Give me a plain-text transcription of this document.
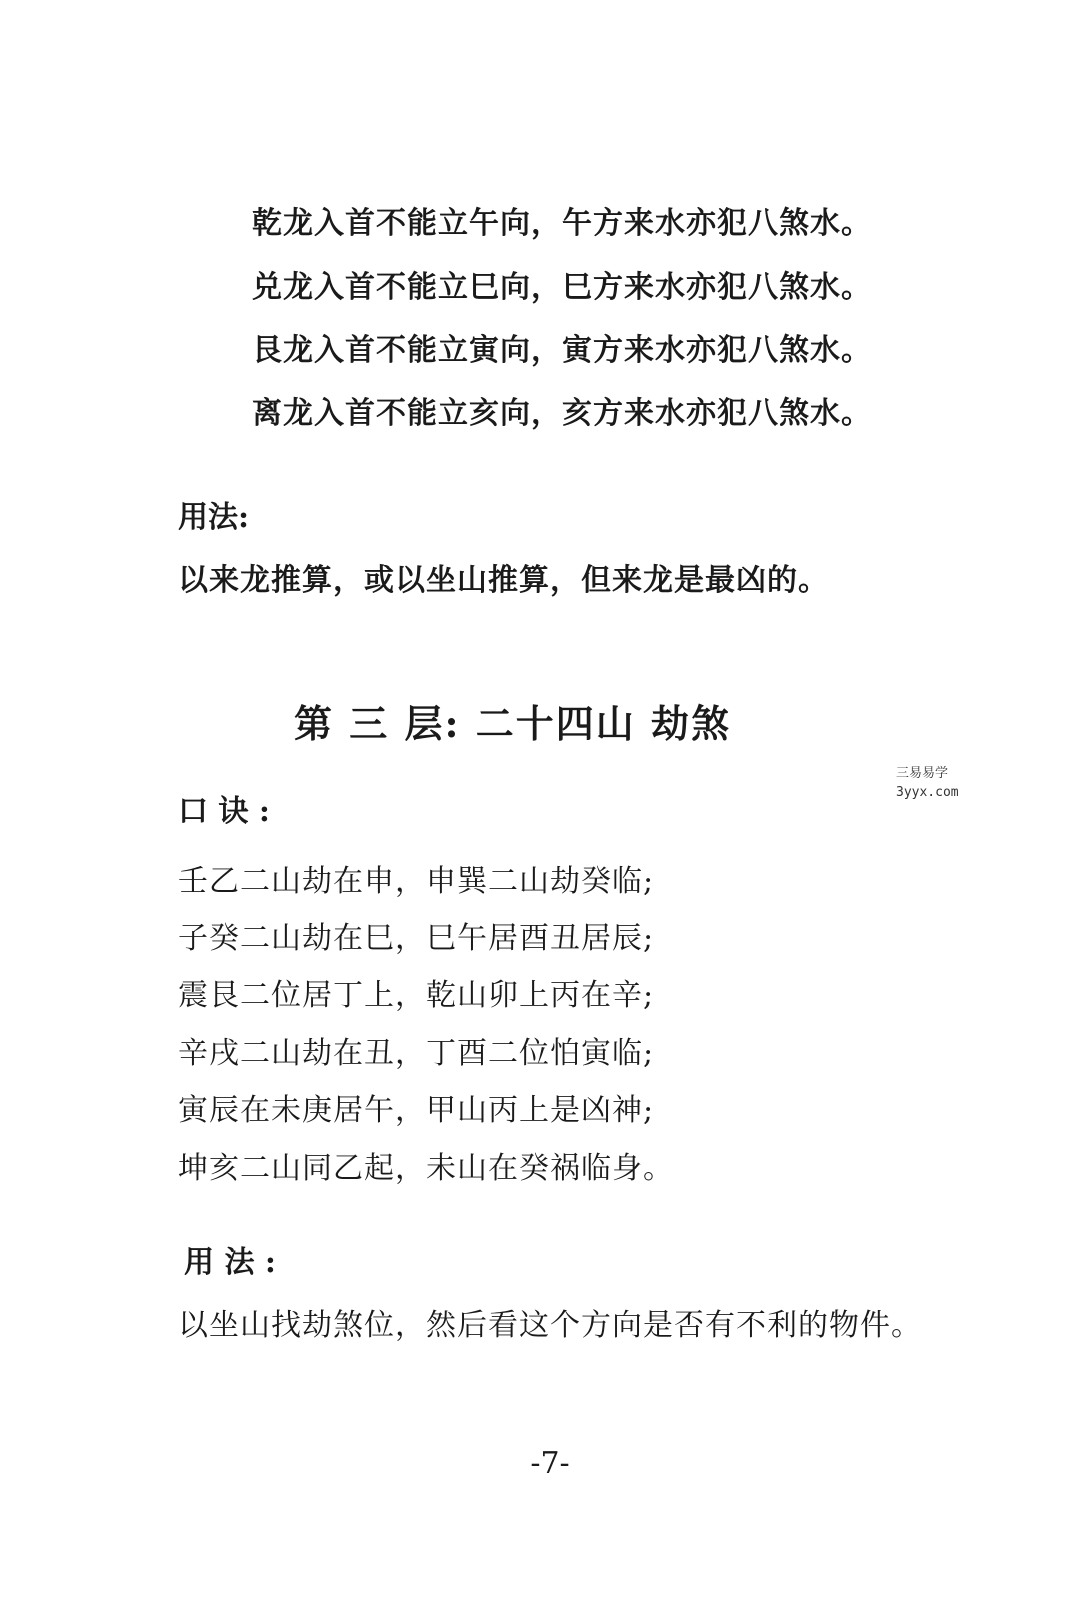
乾龙入首不能立午向，午方来水亦犯八煞水。

兑龙入首不能立巳向，巳方来水亦犯八煞水。

艮龙入首不能立寅向，寅方来水亦犯八煞水。

离龙入首不能立亥向，亥方来水亦犯八煞水。

用法:

以来龙推算，或以坐山推算，但来龙是最凶的。

第 三 层: 二十四山 劫煞
三易易学
3yyx.com

口 诀 :

壬乙二山劫在申，申巽二山劫癸临;

子癸二山劫在巳，巳午居酉丑居辰;

震艮二位居丁上，乾山卯上丙在辛;

辛戌二山劫在丑，丁酉二位怕寅临;

寅辰在未庚居午，甲山丙上是凶神;

坤亥二山同乙起，未山在癸祸临身。

用 法 :

以坐山找劫煞位，然后看这个方向是否有不利的物件。

-7-
